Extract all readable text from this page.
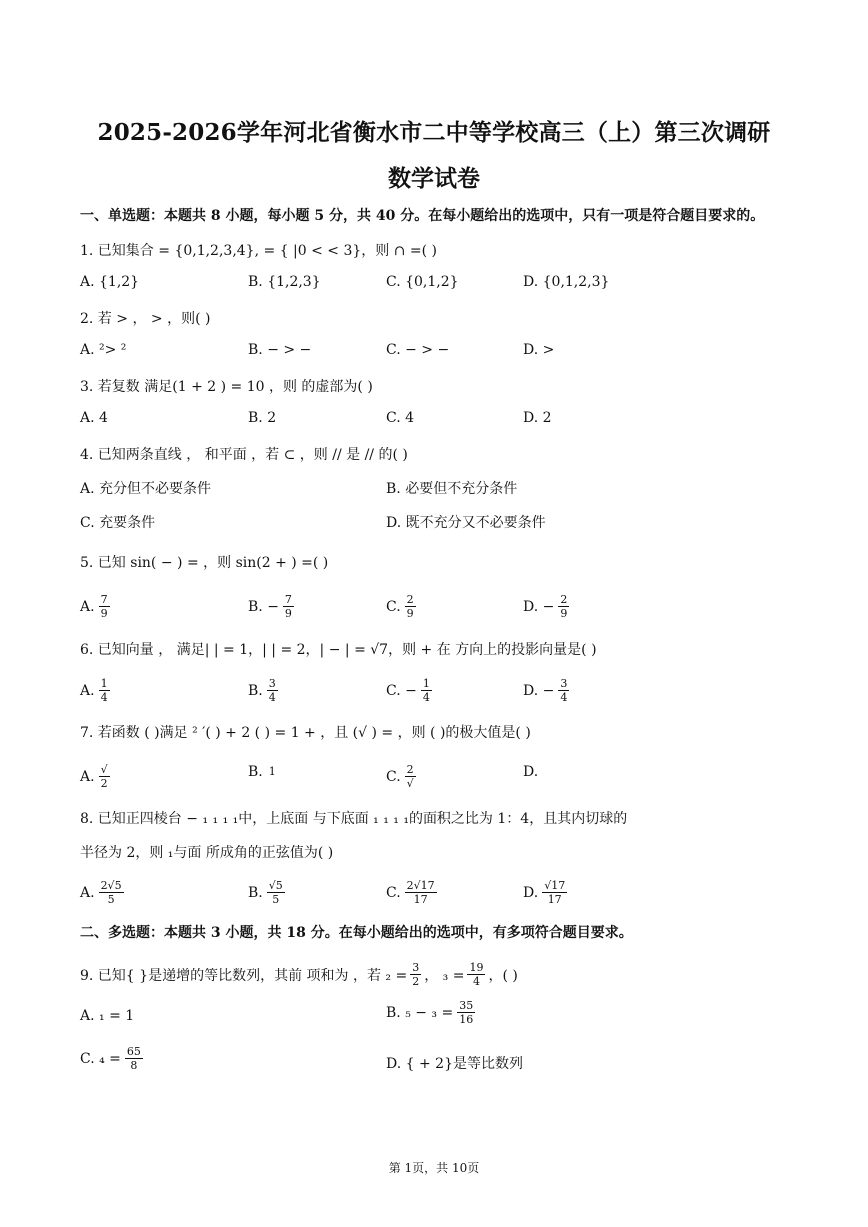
2025-2026学年河北省衡水市二中等学校高三（上）第三次调研
数学试卷
一、单选题：本题共 8 小题，每小题 5 分，共 40 分。在每小题给出的选项中，只有一项是符合题目要求的。
1. 已知集合 = {0,1,2,3,4}, = { |0 < < 3}，则 ∩ =( )
A. {1,2}	B. {1,2,3}	C. {0,1,2}	D. {0,1,2,3}
2. 若 > ， > ，则( )
A. ²> ²	B. − > −	C. − > −	D. >
3. 若复数 满足(1 + 2 ) = 10 ，则 的虚部为( )
A. 4	B. 2	C. 4	D. 2
4. 已知两条直线 ， 和平面 ，若 ⊂ ，则 // 是 // 的( )
A. 充分但不必要条件	B. 必要但不充分条件
C. 充要条件	D. 既不充分又不必要条件
5. 已知 sin( − ) = ，则 sin(2 + ) =( )
A. $\frac{7}{9}$	B. − $\frac{7}{9}$	C. $\frac{2}{9}$	D. − $\frac{2}{9}$
6. 已知向量 ， 满足| | = 1，| | = 2，| − | = √7，则 + 在 方向上的投影向量是( )
A. $\frac{1}{4}$	B. $\frac{3}{4}$	C. − $\frac{1}{4}$	D. − $\frac{3}{4}$
7. 若函数 ( )满足 ² ′( ) + 2 ( ) = 1 + ，且 (√ ) = ，则 ( )的极大值是( )
A. $\frac{√}{2}$	B. 1	C. $\frac{2}{√}$	D.
8. 已知正四棱台 − ₁ ₁ ₁ ₁中，上底面 与下底面 ₁ ₁ ₁ ₁的面积之比为 1：4，且其内切球的
半径为 2，则 ₁与面 所成角的正弦值为( )
A. $\frac{2√5}{5}$	B. $\frac{√5}{5}$	C. $\frac{2√17}{17}$	D. $\frac{√17}{17}$
二、多选题：本题共 3 小题，共 18 分。在每小题给出的选项中，有多项符合题目要求。
9. 已知{ }是递增的等比数列，其前 项和为 ，若 $_2 = \frac{3}{2}$ ， $_3 = \frac{19}{4}$ ，( )
A. ₁ = 1	B. $_5 - _3 = \frac{35}{16}$
C. $_4 = \frac{65}{8}$	D. { + 2}是等比数列
第 1页，共 10页
